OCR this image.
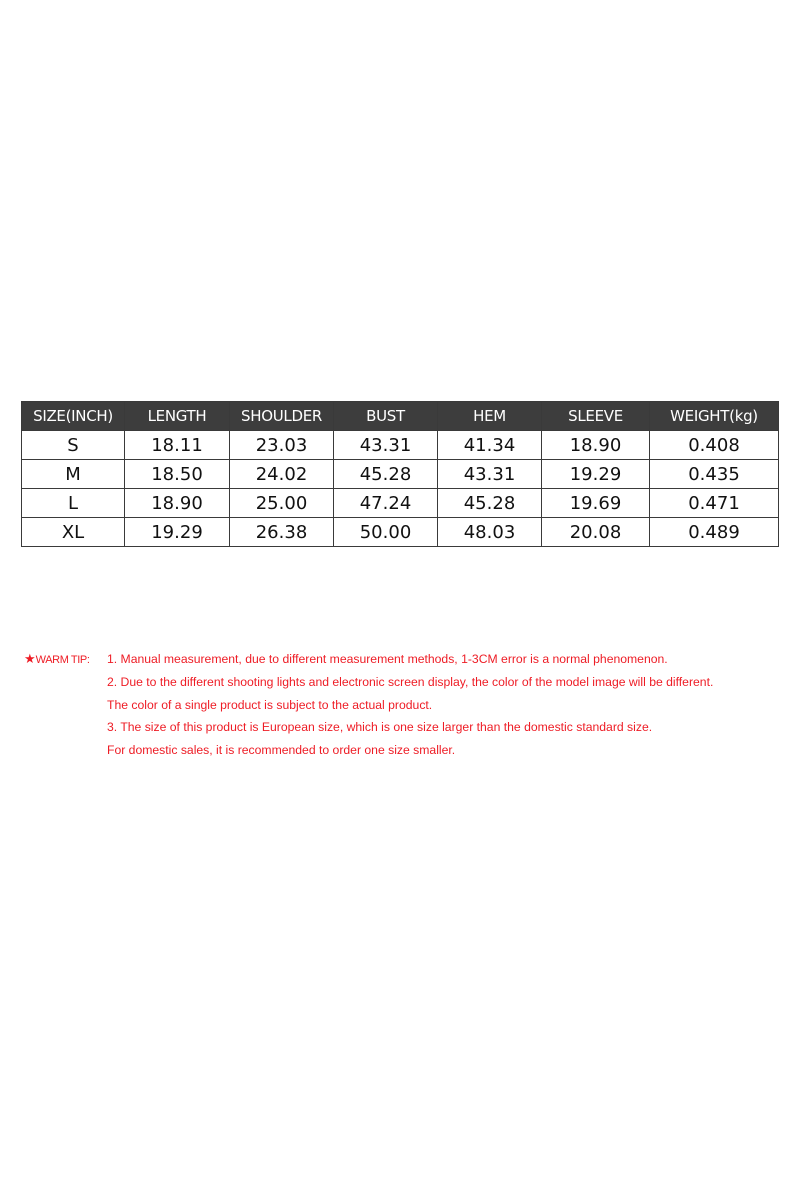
SIZE(INCH)	LENGTH	SHOULDER	BUST	HEM	SLEEVE	WEIGHT(kg)
S	18.11	23.03	43.31	41.34	18.90	0.408
M	18.50	24.02	45.28	43.31	19.29	0.435
L	18.90	25.00	47.24	45.28	19.69	0.471
XL	19.29	26.38	50.00	48.03	20.08	0.489
★WARM TIP: 1. Manual measurement, due to different measurement methods, 1-3CM error is a normal phenomenon.
2. Due to the different shooting lights and electronic screen display, the color of the model image will be different.
The color of a single product is subject to the actual product.
3. The size of this product is European size, which is one size larger than the domestic standard size.
For domestic sales, it is recommended to order one size smaller.
